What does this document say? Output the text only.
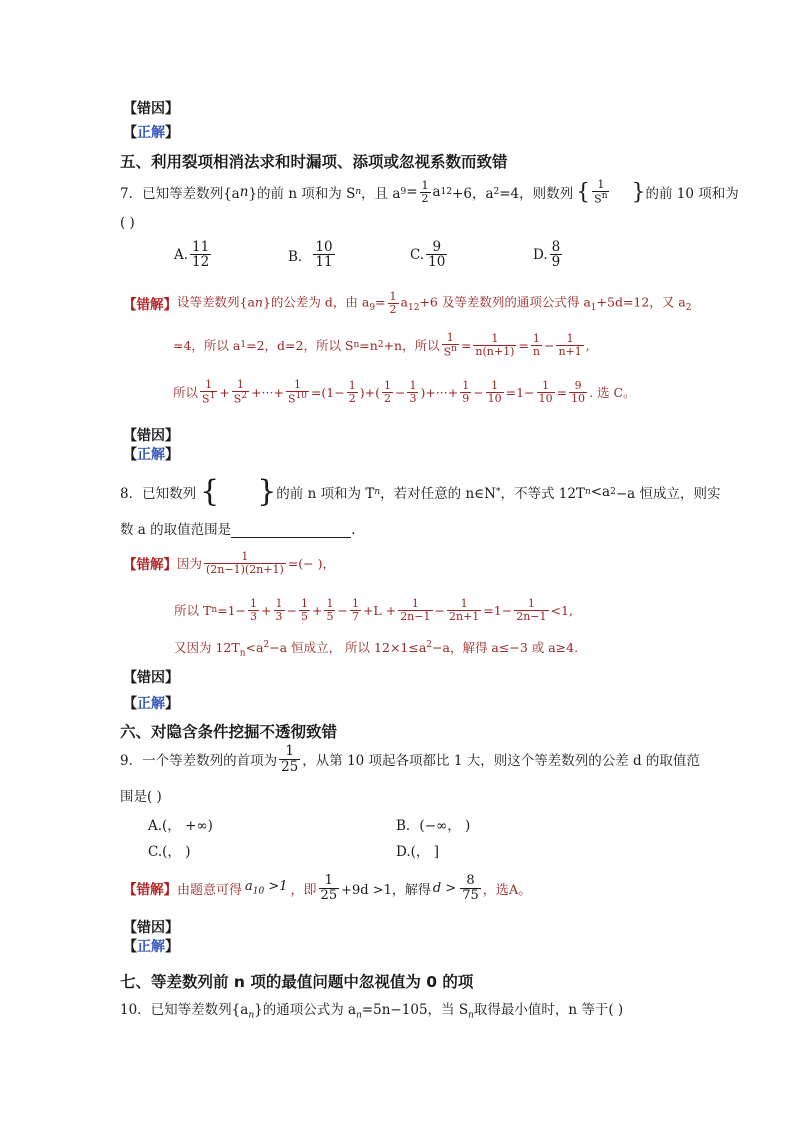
【错因】
【正解】
五、利用裂项相消法求和时漏项、添项或忽视系数而致错
7．已知等差数列{a n }的前 n 项和为 S n ，且 a $9 = \frac{1}{2}$ a 12 +6，a 2 =4，则数列 { $\frac{1}{S^n}$ } 的前 10 项和为
( )
A. $\frac{11}{12}$	B． $\frac{10}{11}$	C. $\frac{9}{10}$	D. $\frac{8}{9}$
【错解】 设等差数列{an}的公差为 d，由 $a_9= \frac{1}{2} a_{12}+6$ 及等差数列的通项公式得 $a_1+5d=12$，又 $a_2$
=4，所以 a 1 =2，d=2，所以 S n =n 2 +n，所以 $\frac{1}{S^n} = \frac{1}{n(n+1)} = \frac{1}{n} - \frac{1}{n+1}$ ,
所以 $\frac{1}{S^1} + \frac{1}{S^2}$ +···+ $\frac{1}{S^{10}} =(1- \frac{1}{2}$ )+( $\frac{1}{2} - \frac{1}{3}$ )+···+ $\frac{1}{9} - \frac{1}{10} =1- \frac{1}{10} = \frac{9}{10}$ . 选 C。
【错因】
【正解】
8．已知数列 { } 的前 n 项和为 T n ，若对任意的 n∈N * ，不等式 12T n <a 2 −a 恒成立，则实
数 a 的取值范围是	.
【错解】 因为 $\frac{1}{(2n-1)(2n+1)}$ =(− )，
所以 T $n =1- \frac{1}{3} + \frac{1}{3} - \frac{1}{5} + \frac{1}{5} - \frac{1}{7} +L + \frac{1}{2n-1} - \frac{1}{2n+1} =1- \frac{1}{2n-1} <1$,
又因为 $12T_n<a^2-a$ 恒成立， 所以 $12\times 1\le a^2-a$，解得 a≤−3 或 a≥4.
【错因】
【正解】
六、对隐含条件挖掘不透彻致错
9．一个等差数列的首项为 $\frac{1}{25}$ ，从第 10 项起各项都比 1 大，则这个等差数列的公差 d 的取值范
围是( )
A.(， +∞)	B．(−∞， )
C.(， )	D.(， ]
【错解】 由题意可得 $a_{10} >1$ ，即 $\frac{1}{25} +9d >1$，解得 $d > \frac{8}{75}$ ，选 A。
【错因】
【正解】
七、等差数列前 n 项的最值问题中忽视值为 0 的项
10．已知等差数列$\{a_n\}$的通项公式为 $a_n=5n-105$，当 $S_n$取得最小值时，n 等于( )
